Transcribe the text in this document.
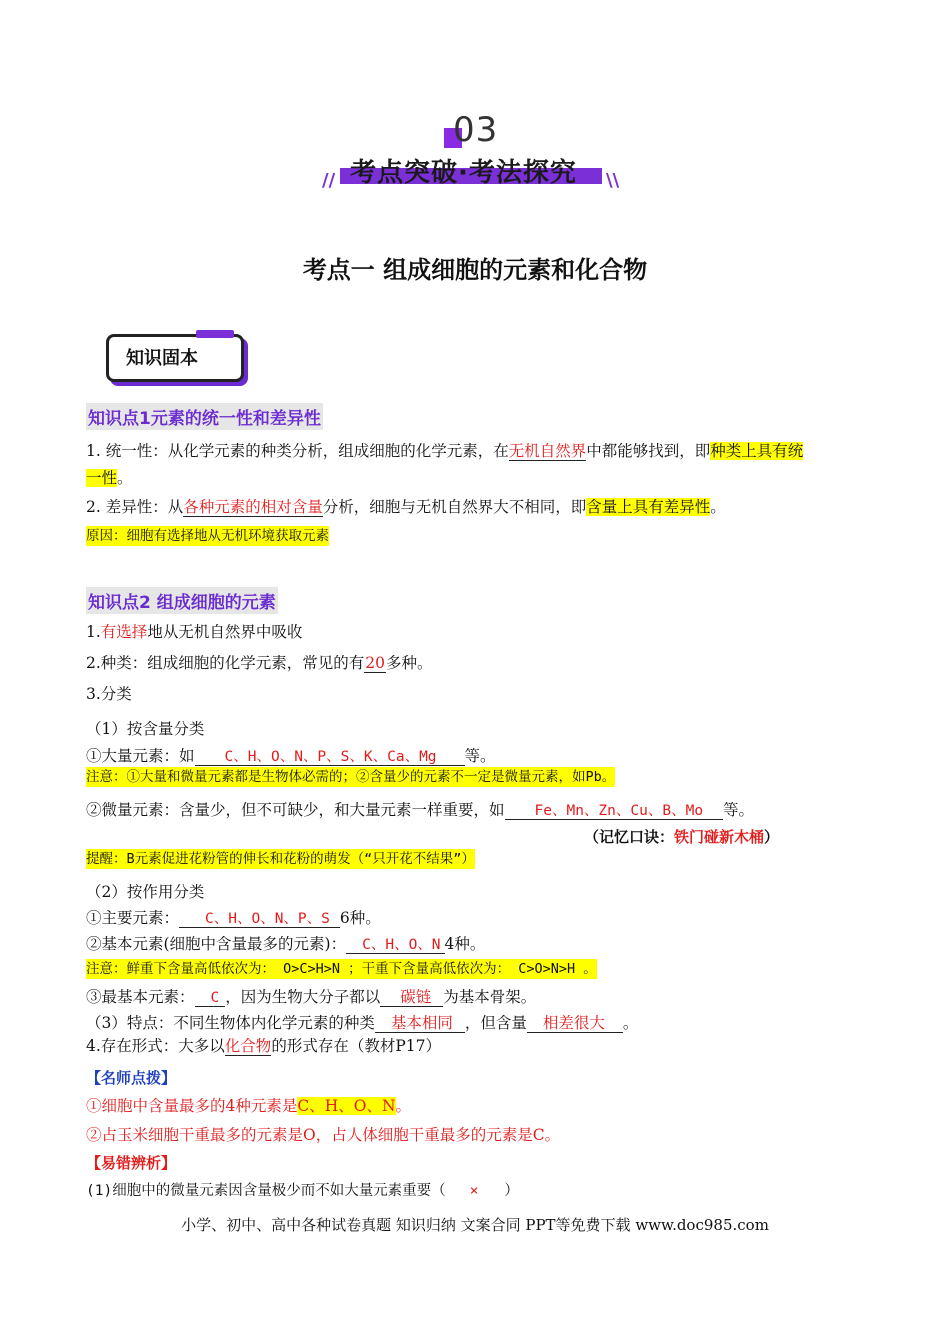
03
//	\\
考点突破·考法探究
考点一 组成细胞的元素和化合物
知识固本
知识点1元素的统一性和差异性
1. 统一性：从化学元素的种类分析，组成细胞的化学元素，在无机自然界中都能够找到，即种类上具有统
一性。
2. 差异性：从各种元素的相对含量分析，细胞与无机自然界大不相同，即含量上具有差异性。
原因：细胞有选择地从无机环境获取元素
知识点2 组成细胞的元素
1.有选择地从无机自然界中吸收
2.种类：组成细胞的化学元素，常见的有20多种。
3.分类
（1）按含量分类
①大量元素：如 C、H、O、N、P、S、K、Ca、Mg 等。
注意：①大量和微量元素都是生物体必需的；②含量少的元素不一定是微量元素，如Pb。
②微量元素：含量少，但不可缺少，和大量元素一样重要，如 Fe、Mn、Zn、Cu、B、Mo 等。
（记忆口诀：铁门碰新木桶）
提醒：B元素促进花粉管的伸长和花粉的萌发（“只开花不结果”）
（2）按作用分类
①主要元素： C、H、O、N、P、S 6种。
②基本元素(细胞中含量最多的元素)： C、H、O、N 4种。
注意：鲜重下含量高低依次为： O>C>H>N ；干重下含量高低依次为： C>O>N>H 。
③最基本元素： C ，因为生物大分子都以 碳链 为基本骨架。
（3）特点：不同生物体内化学元素的种类 基本相同 ，但含量 相差很大 。
4.存在形式：大多以化合物的形式存在（教材P17）
【名师点拨】
①细胞中含量最多的4种元素是C、H、O、N。
②占玉米细胞干重最多的元素是O，占人体细胞干重最多的元素是C。
【易错辨析】
(1)细胞中的微量元素因含量极少而不如大量元素重要（ × ）
小学、初中、高中各种试卷真题 知识归纳 文案合同 PPT等免费下载 www.doc985.com
